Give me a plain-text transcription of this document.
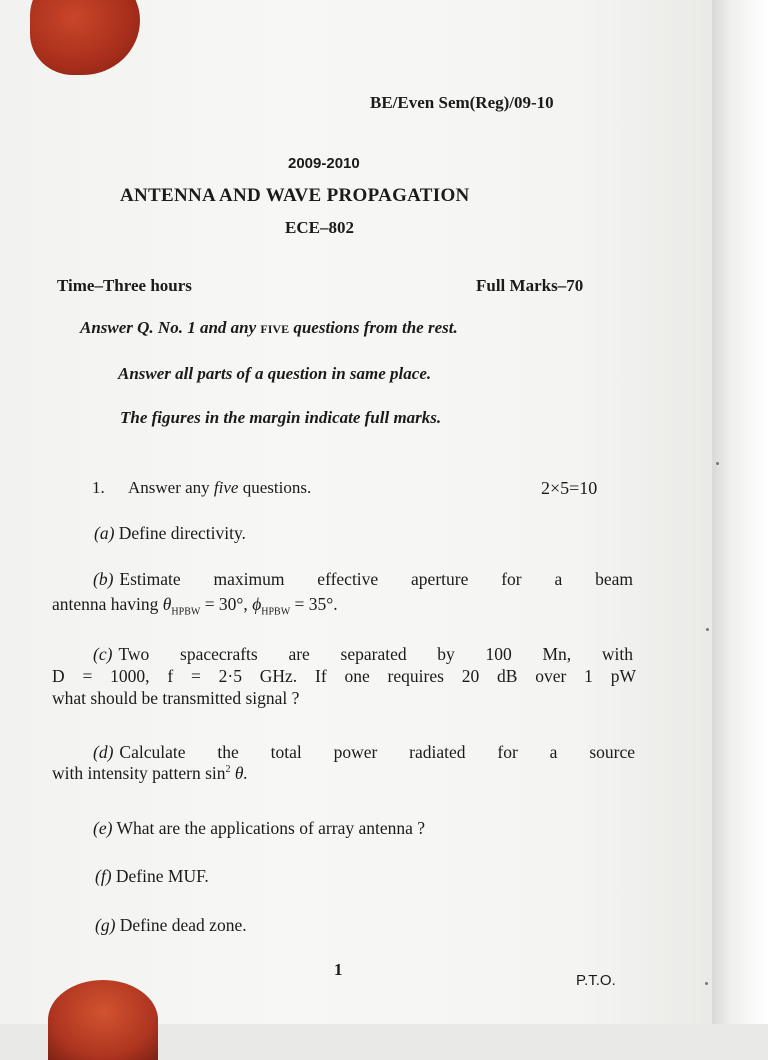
BE/Even Sem(Reg)/09-10
2009-2010
ANTENNA AND WAVE PROPAGATION
ECE–802
Time–Three hours	Full Marks–70
Answer Q. No. 1 and any five questions from the rest.
Answer all parts of a question in same place.
The figures in the margin indicate full marks.
1. Answer any five questions.	2×5=10
(a) Define directivity.
(b) Estimate maximum effective aperture for a beam
antenna having $\theta_{HPBW} = 30^\circ$, $\phi_{HPBW} = 35^\circ$.
(c) Two spacecrafts are separated by 100 Mn, with
D = 1000, f = 2·5 GHz. If one requires 20 dB over 1 pW
what should be transmitted signal ?
(d) Calculate the total power radiated for a source
with intensity pattern $\sin^2 \theta$.
(e) What are the applications of array antenna ?
(f) Define MUF.
(g) Define dead zone.
1
P.T.O.
